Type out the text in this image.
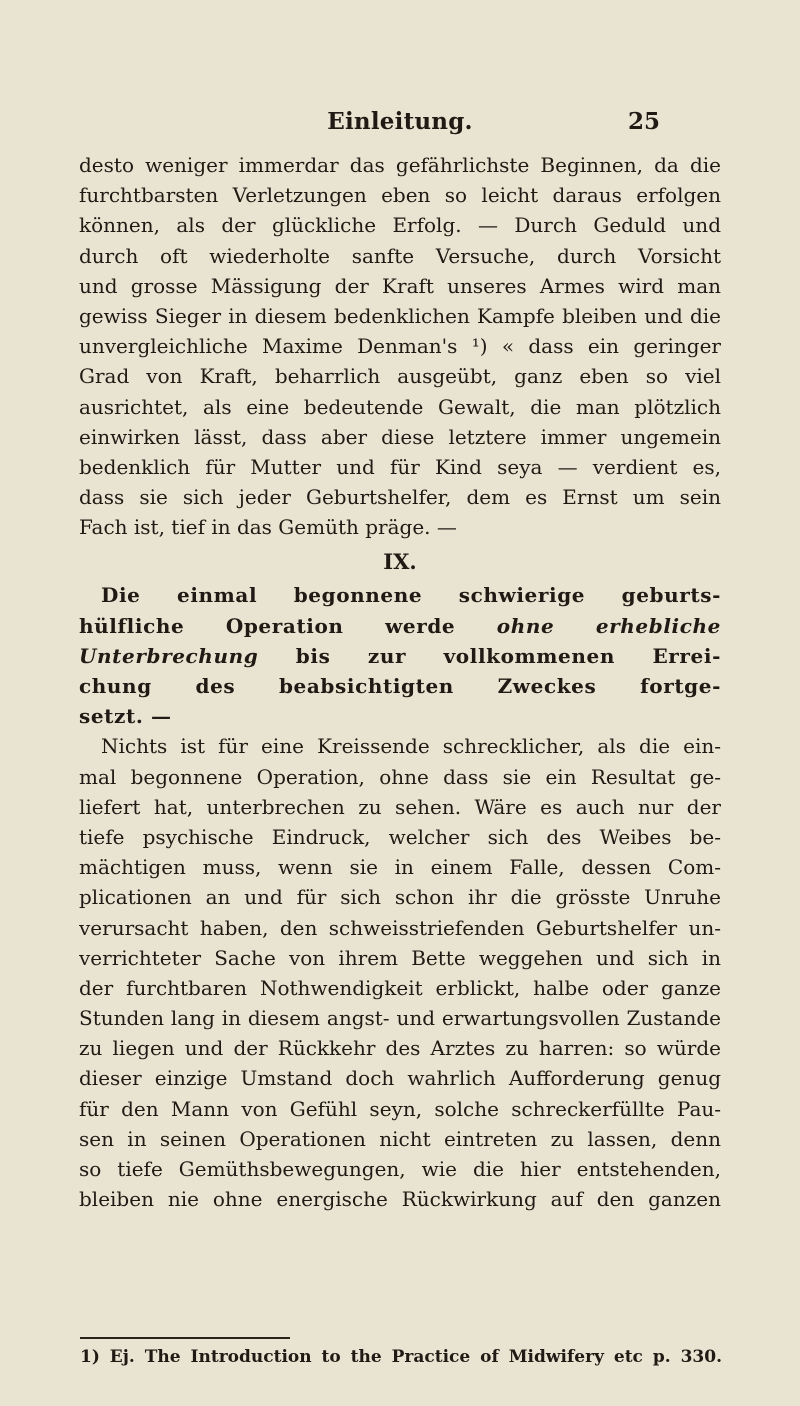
Einleitung.	25
desto weniger immerdar das gefährlichste Beginnen, da die
furchtbarsten Verletzungen eben so leicht daraus erfolgen
können, als der glückliche Erfolg. — Durch Geduld und
durch oft wiederholte sanfte Versuche, durch Vorsicht
und grosse Mässigung der Kraft unseres Armes wird man
gewiss Sieger in diesem bedenklichen Kampfe bleiben und die
unvergleichliche Maxime Denman's ¹) « dass ein geringer
Grad von Kraft, beharrlich ausgeübt, ganz eben so viel
ausrichtet, als eine bedeutende Gewalt, die man plötzlich
einwirken lässt, dass aber diese letztere immer ungemein
bedenklich für Mutter und für Kind seya — verdient es,
dass sie sich jeder Geburtshelfer, dem es Ernst um sein
Fach ist, tief in das Gemüth präge. —
IX.
Die einmal begonnene schwierige geburts-
hülfliche Operation werde ohne erhebliche
Unterbrechung bis zur vollkommenen Errei-
chung des beabsichtigten Zweckes fortge-
setzt. —
Nichts ist für eine Kreissende schrecklicher, als die ein-
mal begonnene Operation, ohne dass sie ein Resultat ge-
liefert hat, unterbrechen zu sehen. Wäre es auch nur der
tiefe psychische Eindruck, welcher sich des Weibes be-
mächtigen muss, wenn sie in einem Falle, dessen Com-
plicationen an und für sich schon ihr die grösste Unruhe
verursacht haben, den schweisstriefenden Geburtshelfer un-
verrichteter Sache von ihrem Bette weggehen und sich in
der furchtbaren Nothwendigkeit erblickt, halbe oder ganze
Stunden lang in diesem angst- und erwartungsvollen Zustande
zu liegen und der Rückkehr des Arztes zu harren: so würde
dieser einzige Umstand doch wahrlich Aufforderung genug
für den Mann von Gefühl seyn, solche schreckerfüllte Pau-
sen in seinen Operationen nicht eintreten zu lassen, denn
so tiefe Gemüthsbewegungen, wie die hier entstehenden,
bleiben nie ohne energische Rückwirkung auf den ganzen
1) Ej. The Introduction to the Practice of Midwifery etc p. 330.
